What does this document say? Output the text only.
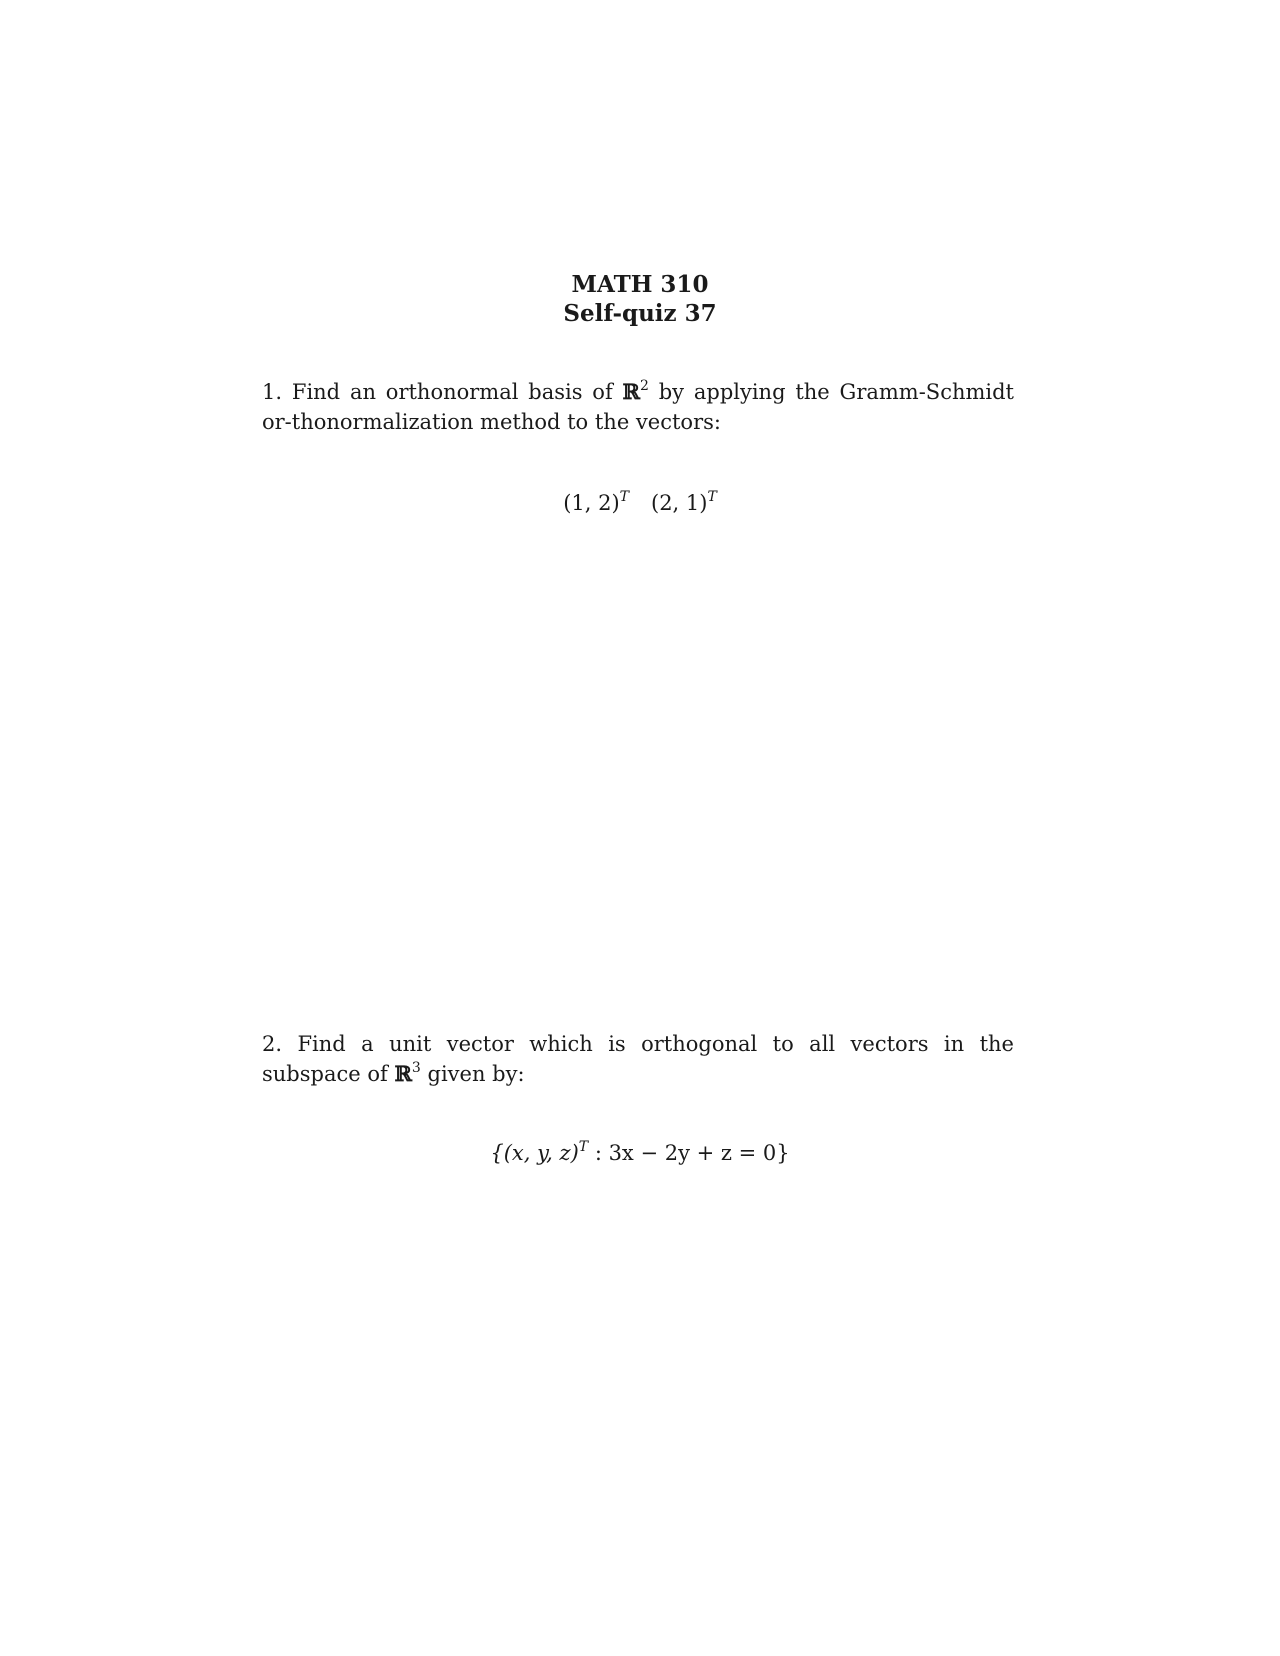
MATH 310
Self-quiz 37
1. Find an orthonormal basis of ℝ$^2$ by applying the Gramm-Schmidt or-thonormalization method to the vectors:
(1, 2)$^T$ (2, 1)$^T$
2. Find a unit vector which is orthogonal to all vectors in the subspace of ℝ$^3$ given by:
{(x, y, z)$^T$ : 3x − 2y + z = 0}
